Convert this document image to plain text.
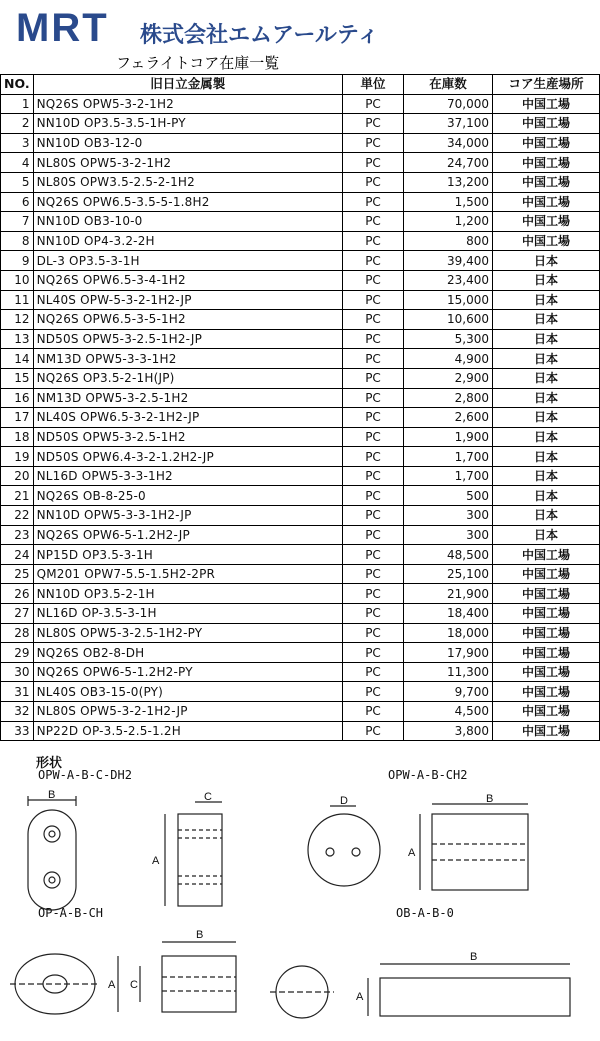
MRT 株式会社エムアールティ
フェライトコア在庫一覧
NO.	旧日立金属製	単位	在庫数	コア生産場所
1	NQ26S OPW5-3-2-1H2	PC	70,000	中国工場
2	NN10D OP3.5-3.5-1H-PY	PC	37,100	中国工場
3	NN10D OB3-12-0	PC	34,000	中国工場
4	NL80S OPW5-3-2-1H2	PC	24,700	中国工場
5	NL80S OPW3.5-2.5-2-1H2	PC	13,200	中国工場
6	NQ26S OPW6.5-3.5-5-1.8H2	PC	1,500	中国工場
7	NN10D OB3-10-0	PC	1,200	中国工場
8	NN10D OP4-3.2-2H	PC	800	中国工場
9	DL-3 OP3.5-3-1H	PC	39,400	日本
10	NQ26S OPW6.5-3-4-1H2	PC	23,400	日本
11	NL40S OPW-5-3-2-1H2-JP	PC	15,000	日本
12	NQ26S OPW6.5-3-5-1H2	PC	10,600	日本
13	ND50S OPW5-3-2.5-1H2-JP	PC	5,300	日本
14	NM13D OPW5-3-3-1H2	PC	4,900	日本
15	NQ26S OP3.5-2-1H(JP)	PC	2,900	日本
16	NM13D OPW5-3-2.5-1H2	PC	2,800	日本
17	NL40S OPW6.5-3-2-1H2-JP	PC	2,600	日本
18	ND50S OPW5-3-2.5-1H2	PC	1,900	日本
19	ND50S OPW6.4-3-2-1.2H2-JP	PC	1,700	日本
20	NL16D OPW5-3-3-1H2	PC	1,700	日本
21	NQ26S OB-8-25-0	PC	500	日本
22	NN10D OPW5-3-3-1H2-JP	PC	300	日本
23	NQ26S OPW6-5-1.2H2-JP	PC	300	日本
24	NP15D OP3.5-3-1H	PC	48,500	中国工場
25	QM201 OPW7-5.5-1.5H2-2PR	PC	25,100	中国工場
26	NN10D OP3.5-2-1H	PC	21,900	中国工場
27	NL16D OP-3.5-3-1H	PC	18,400	中国工場
28	NL80S OPW5-3-2.5-1H2-PY	PC	18,000	中国工場
29	NQ26S OB2-8-DH	PC	17,900	中国工場
30	NQ26S OPW6-5-1.2H2-PY	PC	11,300	中国工場
31	NL40S OB3-15-0(PY)	PC	9,700	中国工場
32	NL80S OPW5-3-2-1H2-JP	PC	4,500	中国工場
33	NP22D OP-3.5-2.5-1.2H	PC	3,800	中国工場
形状
OPW-A-B-C-DH2	OPW-A-B-CH2
OP-A-B-CH	OB-A-B-0
B	C
A
D	B
A
B
A C
B
A
